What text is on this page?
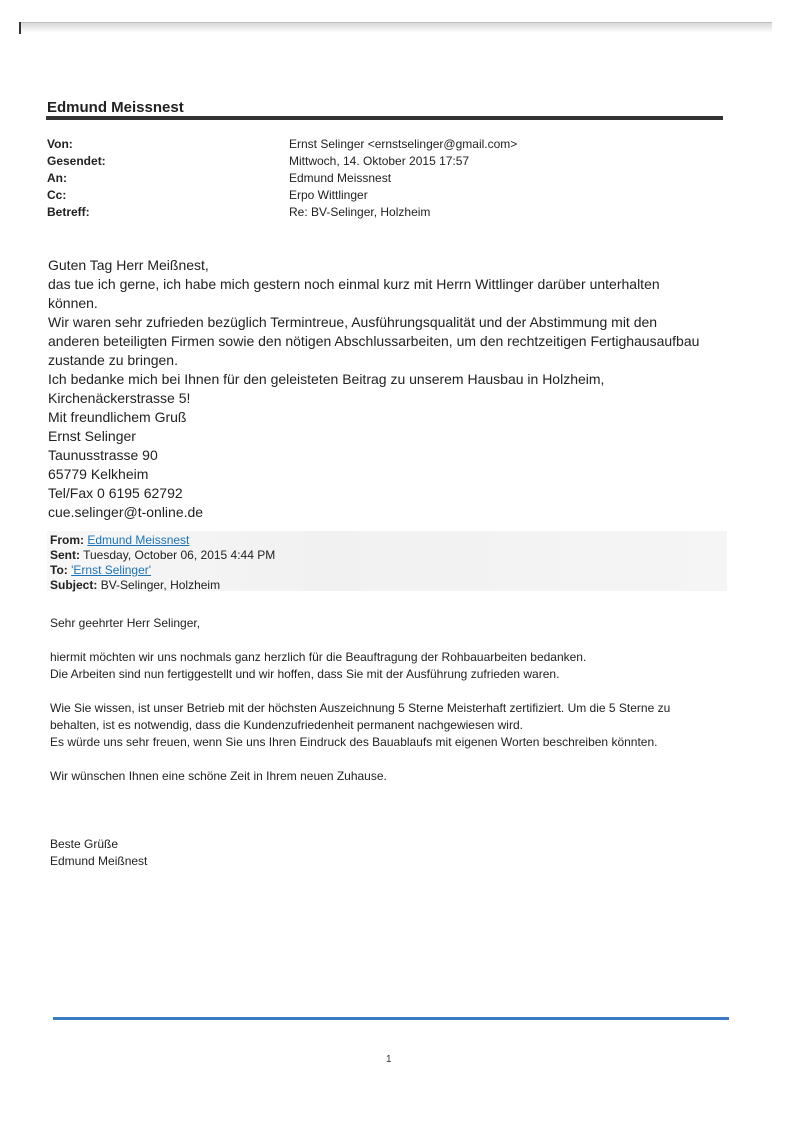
Edmund Meissnest
Von:	Ernst Selinger <ernstselinger@gmail.com>
Gesendet:	Mittwoch, 14. Oktober 2015 17:57
An:	Edmund Meissnest
Cc:	Erpo Wittlinger
Betreff:	Re: BV-Selinger, Holzheim

Guten Tag Herr Meißnest,

das tue ich gerne, ich habe mich gestern noch einmal kurz mit Herrn Wittlinger darüber unterhalten

können.

Wir waren sehr zufrieden bezüglich Termintreue, Ausführungsqualität und der Abstimmung mit den

anderen beteiligten Firmen sowie den nötigen Abschlussarbeiten, um den rechtzeitigen Fertighausaufbau

zustande zu bringen.

Ich bedanke mich bei Ihnen für den geleisteten Beitrag zu unserem Hausbau in Holzheim,

Kirchenäckerstrasse 5!

Mit freundlichem Gruß

Ernst Selinger

Taunusstrasse 90

65779 Kelkheim

Tel/Fax 0 6195 62792

cue.selinger@t-online.de

From: Edmund Meissnest
Sent: Tuesday, October 06, 2015 4:44 PM
To: 'Ernst Selinger'
Subject: BV-Selinger, Holzheim

Sehr geehrter Herr Selinger,

hiermit möchten wir uns nochmals ganz herzlich für die Beauftragung der Rohbauarbeiten bedanken.

Die Arbeiten sind nun fertiggestellt und wir hoffen, dass Sie mit der Ausführung zufrieden waren.

Wie Sie wissen, ist unser Betrieb mit der höchsten Auszeichnung 5 Sterne Meisterhaft zertifiziert. Um die 5 Sterne zu

behalten, ist es notwendig, dass die Kundenzufriedenheit permanent nachgewiesen wird.

Es würde uns sehr freuen, wenn Sie uns Ihren Eindruck des Bauablaufs mit eigenen Worten beschreiben könnten.

Wir wünschen Ihnen eine schöne Zeit in Ihrem neuen Zuhause.

Beste Grüße

Edmund Meißnest

1
